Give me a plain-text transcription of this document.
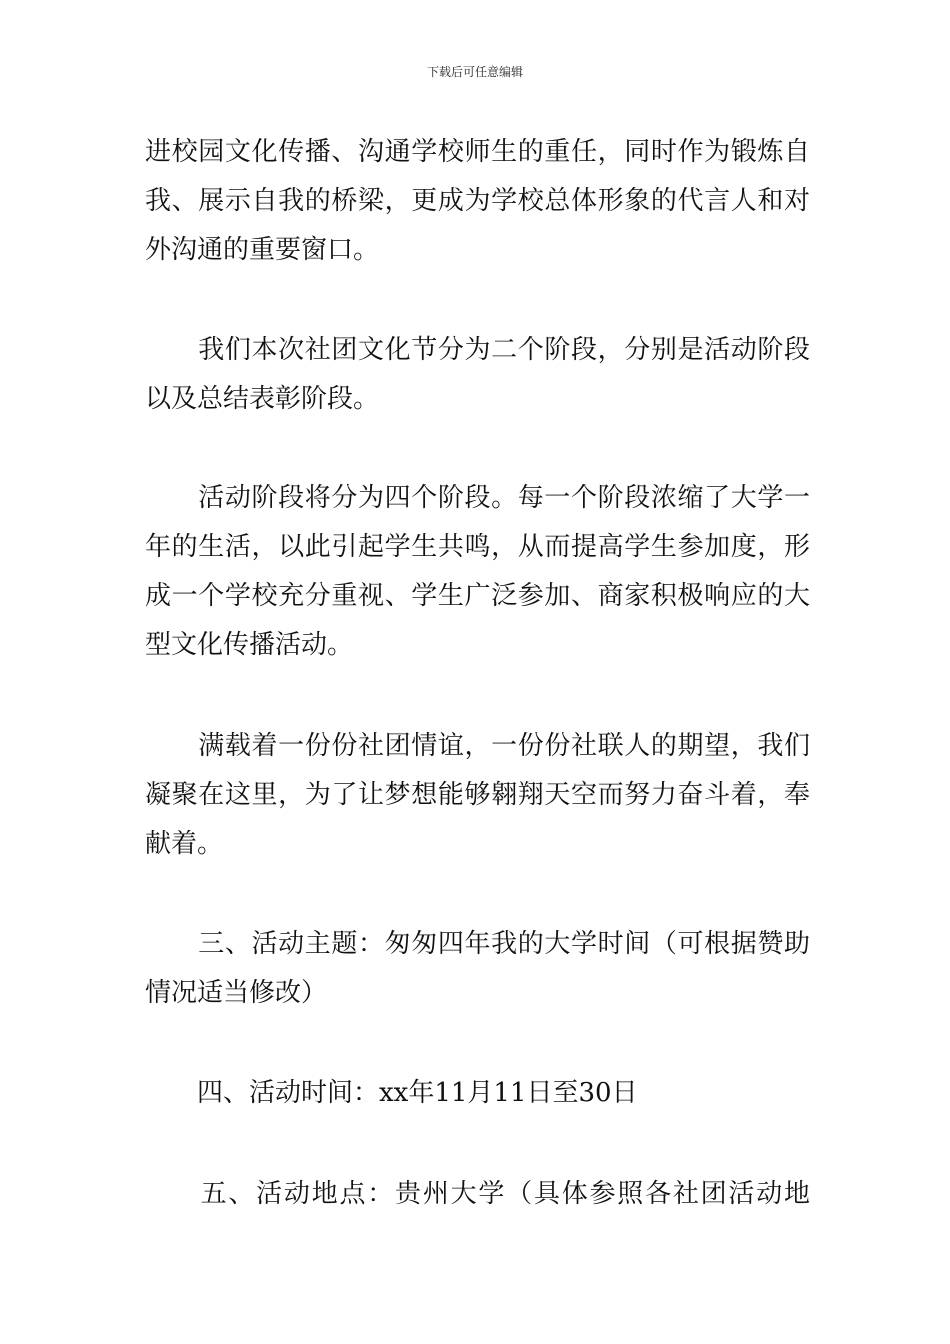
下载后可任意编辑

进校园文化传播、沟通学校师生的重任，同时作为锻炼自
我、展示自我的桥梁，更成为学校总体形象的代言人和对
外沟通的重要窗口。

　　我们本次社团文化节分为二个阶段，分别是活动阶段
以及总结表彰阶段。

　　活动阶段将分为四个阶段。每一个阶段浓缩了大学一
年的生活，以此引起学生共鸣，从而提高学生参加度，形
成一个学校充分重视、学生广泛参加、商家积极响应的大
型文化传播活动。

　　满载着一份份社团情谊，一份份社联人的期望，我们
凝聚在这里，为了让梦想能够翱翔天空而努力奋斗着，奉
献着。

　　三、活动主题：匆匆四年我的大学时间（可根据赞助
情况适当修改）

　　四、活动时间：xx年11月11日至30日

　　五、活动地点：贵州大学（具体参照各社团活动地
